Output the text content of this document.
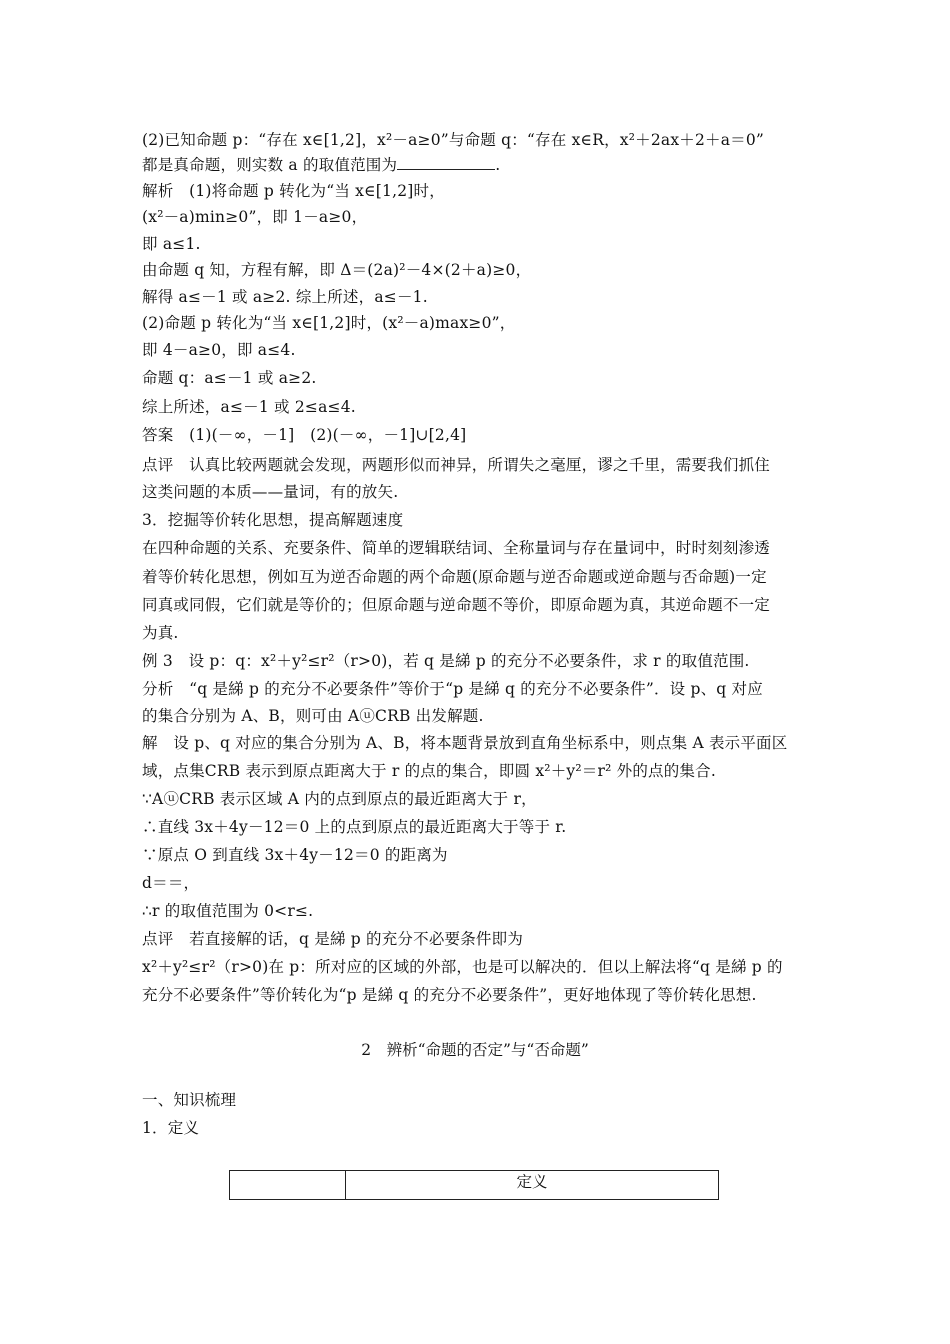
(2)已知命题 p：“存在 x∈[1,2]，x²－a≥0”与命题 q：“存在 x∈R，x²＋2ax＋2＋a＝0”
都是真命题，则实数 a 的取值范围为	.
解析　(1)将命题 p 转化为“当 x∈[1,2]时，
(x²－a)min≥0”，即 1－a≥0，
即 a≤1.
由命题 q 知，方程有解，即 Δ＝(2a)²－4×(2＋a)≥0，
解得 a≤－1 或 a≥2. 综上所述，a≤－1.
(2)命题 p 转化为“当 x∈[1,2]时，(x²－a)max≥0”，
即 4－a≥0，即 a≤4.
命题 q：a≤－1 或 a≥2.
综上所述，a≤－1 或 2≤a≤4.
答案　(1)(－∞，－1]　(2)(－∞，－1]∪[2,4]
点评　认真比较两题就会发现，两题形似而神异，所谓失之毫厘，谬之千里，需要我们抓住
这类问题的本质——量词，有的放矢.
3．挖掘等价转化思想，提高解题速度
在四种命题的关系、充要条件、简单的逻辑联结词、全称量词与存在量词中，时时刻刻渗透
着等价转化思想，例如互为逆否命题的两个命题(原命题与逆否命题或逆命题与否命题)一定
同真或同假，它们就是等价的；但原命题与逆命题不等价，即原命题为真，其逆命题不一定
为真.
例 3　设 p：q：x²＋y²≤r²（r>0)，若 q 是綈 p 的充分不必要条件，求 r 的取值范围.
分析　“q 是綈 p 的充分不必要条件”等价于“p 是綈 q 的充分不必要条件”．设 p、q 对应
的集合分别为 A、B，则可由 AⓤCRB 出发解题.
解　设 p、q 对应的集合分别为 A、B，将本题背景放到直角坐标系中，则点集 A 表示平面区
域，点集CRB 表示到原点距离大于 r 的点的集合，即圆 x²＋y²＝r² 外的点的集合.
∵AⓤCRB 表示区域 A 内的点到原点的最近距离大于 r，
∴直线 3x＋4y－12＝0 上的点到原点的最近距离大于等于 r.
∵原点 O 到直线 3x＋4y－12＝0 的距离为
d＝＝，
∴r 的取值范围为 0<r≤.
点评　若直接解的话，q 是綈 p 的充分不必要条件即为
x²＋y²≤r²（r>0)在 p：所对应的区域的外部，也是可以解决的．但以上解法将“q 是綈 p 的
充分不必要条件”等价转化为“p 是綈 q 的充分不必要条件”，更好地体现了等价转化思想.
2　辨析“命题的否定”与“否命题”
一、知识梳理
1．定义
定义
